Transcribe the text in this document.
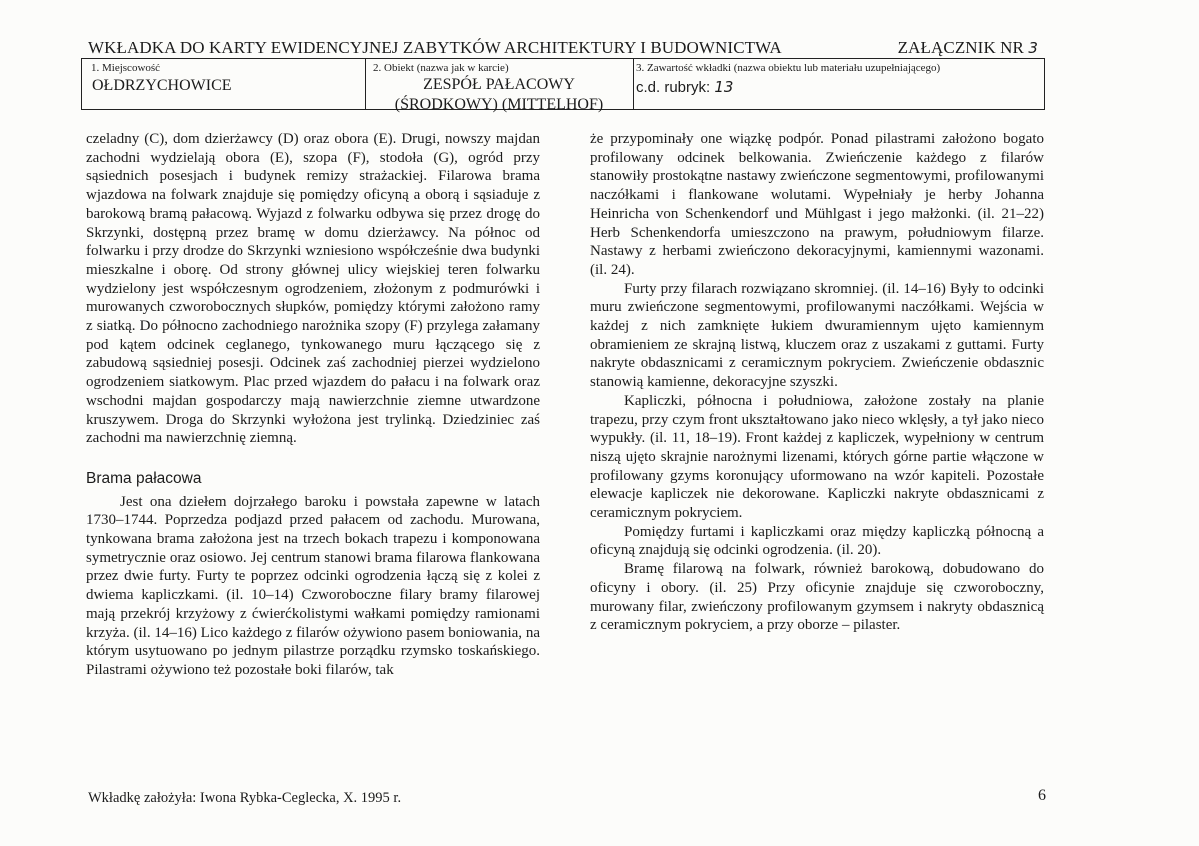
WKŁADKA DO KARTY EWIDENCYJNEJ ZABYTKÓW ARCHITEKTURY I BUDOWNICTWA	ZAŁĄCZNIK NR 3
1. Miejscowość
OŁDRZYCHOWICE
2. Obiekt (nazwa jak w karcie)
ZESPÓŁ PAŁACOWY
(ŚRODKOWY) (MITTELHOF)
3. Zawartość wkładki (nazwa obiektu lub materiału uzupełniającego)
c.d. rubryk: 13

czeladny (C), dom dzierżawcy (D) oraz obora (E). Drugi, nowszy majdan zachodni wydzielają obora (E), szopa (F), stodoła (G), ogród przy sąsiednich posesjach i budynek remizy strażackiej. Filarowa brama wjazdowa na folwark znajduje się pomiędzy oficyną a oborą i sąsiaduje z barokową bramą pałacową. Wyjazd z folwarku odbywa się przez drogę do Skrzynki, dostępną przez bramę w domu dzierżawcy. Na północ od folwarku i przy drodze do Skrzynki wzniesiono współcześnie dwa budynki mieszkalne i oborę. Od strony głównej ulicy wiejskiej teren folwarku wydzielony jest współczesnym ogrodzeniem, złożonym z podmurówki i murowanych czworobocznych słupków, pomiędzy którymi założono ramy z siatką. Do północno zachodniego narożnika szopy (F) przylega załamany pod kątem odcinek ceglanego, tynkowanego muru łączącego się z zabudową sąsiedniej posesji. Odcinek zaś zachodniej pierzei wydzielono ogrodzeniem siatkowym. Plac przed wjazdem do pałacu i na folwark oraz wschodni majdan gospodarczy mają nawierzchnie ziemne utwardzone kruszywem. Droga do Skrzynki wyłożona jest trylinką. Dziedziniec zaś zachodni ma nawierzchnię ziemną.

Brama pałacowa

Jest ona dziełem dojrzałego baroku i powstała zapewne w latach 1730–1744. Poprzedza podjazd przed pałacem od zachodu. Murowana, tynkowana brama założona jest na trzech bokach trapezu i komponowana symetrycznie oraz osiowo. Jej centrum stanowi brama filarowa flankowana przez dwie furty. Furty te poprzez odcinki ogrodzenia łączą się z kolei z dwiema kapliczkami. (il. 10–14) Czworoboczne filary bramy filarowej mają przekrój krzyżowy z ćwierćkolistymi wałkami pomiędzy ramionami krzyża. (il. 14–16) Lico każdego z filarów ożywiono pasem boniowania, na którym usytuowano po jednym pilastrze porządku rzymsko toskańskiego. Pilastrami ożywiono też pozostałe boki filarów, tak

że przypominały one wiązkę podpór. Ponad pilastrami założono bogato profilowany odcinek belkowania. Zwieńczenie każdego z filarów stanowiły prostokątne nastawy zwieńczone segmentowymi, profilowanymi naczółkami i flankowane wolutami. Wypełniały je herby Johanna Heinricha von Schenkendorf und Mühlgast i jego małżonki. (il. 21–22) Herb Schenkendorfa umieszczono na prawym, południowym filarze. Nastawy z herbami zwieńczono dekoracyjnymi, kamiennymi wazonami. (il. 24).

Furty przy filarach rozwiązano skromniej. (il. 14–16) Były to odcinki muru zwieńczone segmentowymi, profilowanymi naczółkami. Wejścia w każdej z nich zamknięte łukiem dwuramiennym ujęto kamiennym obramieniem ze skrajną listwą, kluczem oraz z uszakami z guttami. Furty nakryte obdasznicami z ceramicznym pokryciem. Zwieńczenie obdasznic stanowią kamienne, dekoracyjne szyszki.

Kapliczki, północna i południowa, założone zostały na planie trapezu, przy czym front ukształtowano jako nieco wklęsły, a tył jako nieco wypukły. (il. 11, 18–19). Front każdej z kapliczek, wypełniony w centrum niszą ujęto skrajnie narożnymi lizenami, których górne partie włączone w profilowany gzyms koronujący uformowano na wzór kapiteli. Pozostałe elewacje kapliczek nie dekorowane. Kapliczki nakryte obdasznicami z ceramicznym pokryciem.

Pomiędzy furtami i kapliczkami oraz między kapliczką północną a oficyną znajdują się odcinki ogrodzenia. (il. 20).

Bramę filarową na folwark, również barokową, dobudowano do oficyny i obory. (il. 25) Przy oficynie znajduje się czworoboczny, murowany filar, zwieńczony profilowanym gzymsem i nakryty obdasznicą z ceramicznym pokryciem, a przy oborze – pilaster.

Wkładkę założyła: Iwona Rybka-Ceglecka, X. 1995 r.	6
